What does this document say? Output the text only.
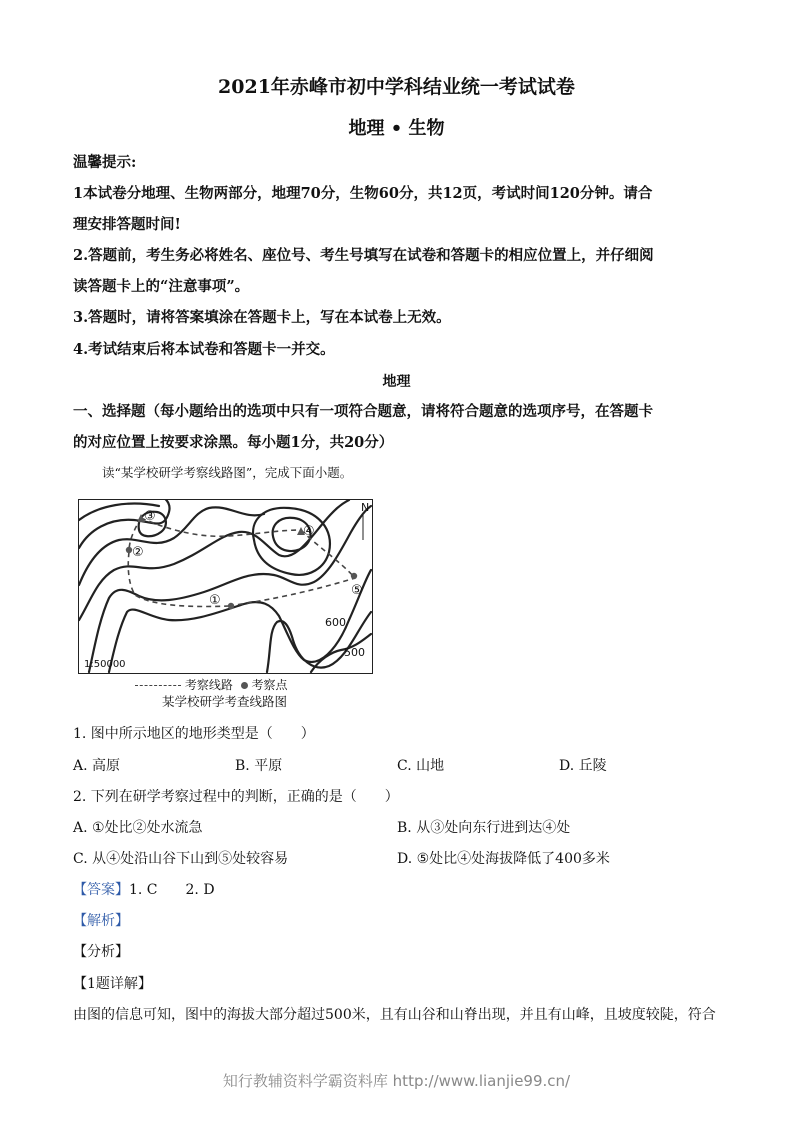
2021年赤峰市初中学科结业统一考试试卷
地理 • 生物
温馨提示:
1本试卷分地理、生物两部分，地理70分，生物60分，共12页，考试时间120分钟。请合
理安排答题时间!
2.答题前，考生务必将姓名、座位号、考生号填写在试卷和答题卡的相应位置上，并仔细阅
读答题卡上的“注意事项”。
3.答题时，请将答案填涂在答题卡上，写在本试卷上无效。
4.考试结束后将本试卷和答题卡一并交。
地理
一、选择题（每小题给出的选项中只有一项符合题意，请将符合题意的选项序号，在答题卡
的对应位置上按要求涂黑。每小题1分，共20分）
读“某学校研学考察线路图”，完成下面小题。
③
②
④
⑤
①
600
500
N
1:50000
考察线路 考察点
某学校研学考查线路图
1. 图中所示地区的地形类型是（　　）
A. 高原	B. 平原	C. 山地	D. 丘陵
2. 下列在研学考察过程中的判断，正确的是（　　）
A. ①处比②处水流急	B. 从③处向东行进到达④处
C. 从④处沿山谷下山到⑤处较容易	D. ⑤处比④处海拔降低了400多米
【答案】1. C　　2. D
【解析】
【分析】
【1题详解】
由图的信息可知，图中的海拔大部分超过500米，且有山谷和山脊出现，并且有山峰，且坡度较陡，符合
知行教辅资料学霸资料库 http://www.lianjie99.cn/
